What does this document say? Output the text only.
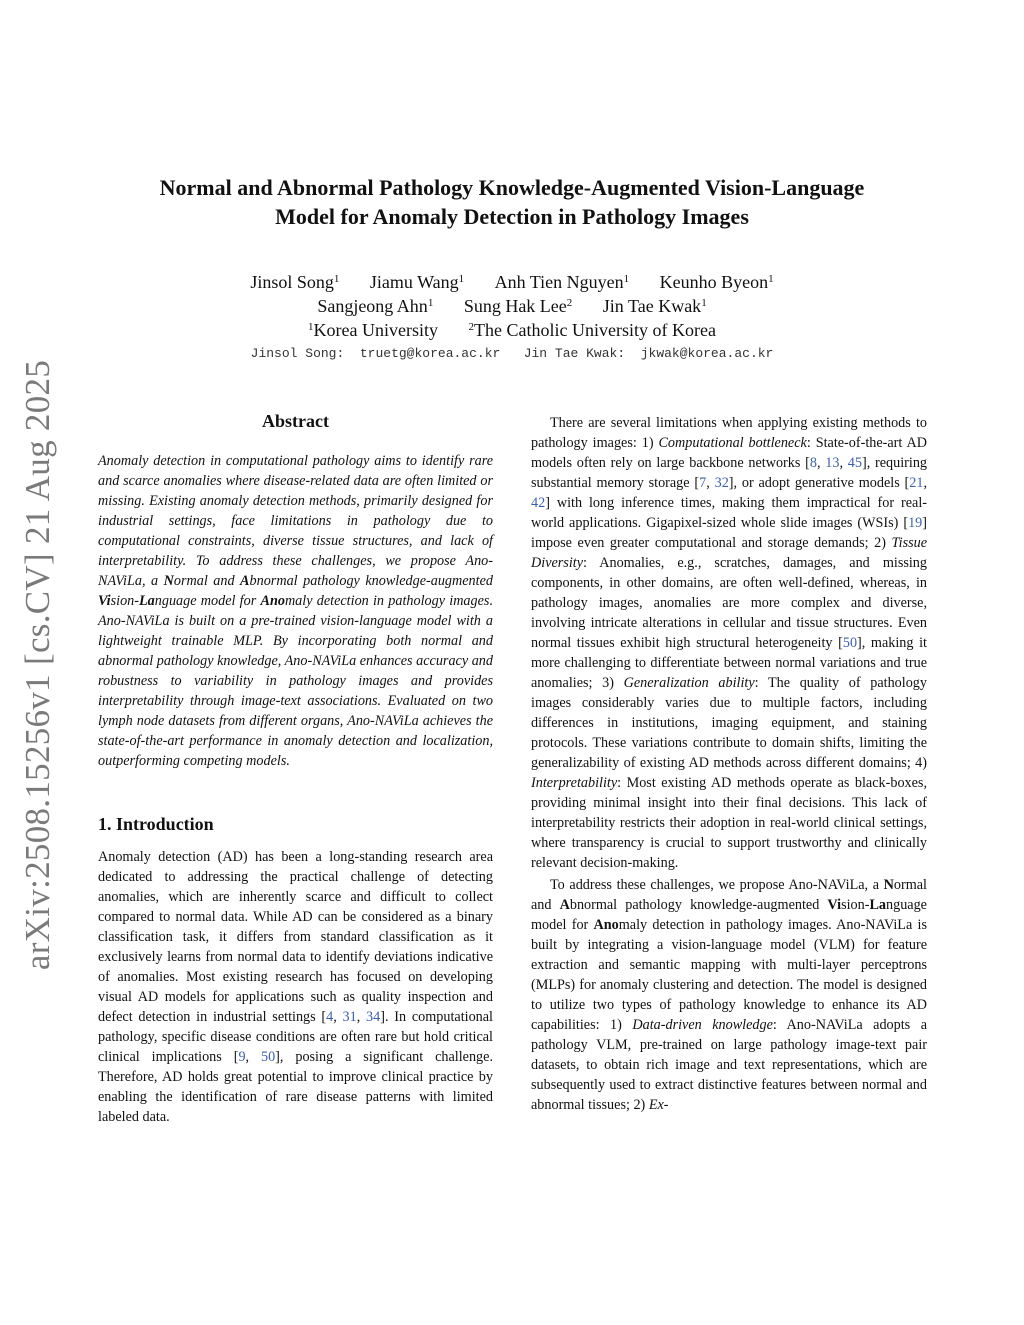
arXiv:2508.15256v1 [cs.CV] 21 Aug 2025
Normal and Abnormal Pathology Knowledge-Augmented Vision-Language
Model for Anomaly Detection in Pathology Images
Jinsol Song$^1$ Jiamu Wang$^1$ Anh Tien Nguyen$^1$ Keunho Byeon$^1$
Sangjeong Ahn$^1$ Sung Hak Lee$^2$ Jin Tae Kwak$^1$
$^1$Korea University	$^2$The Catholic University of Korea
Jinsol Song:  truetg@korea.ac.kr   Jin Tae Kwak:  jkwak@korea.ac.kr
Abstract

Anomaly detection in computational pathology aims to identify rare and scarce anomalies where disease-related data are often limited or missing. Existing anomaly detection methods, primarily designed for industrial settings, face limitations in pathology due to computational constraints, diverse tissue structures, and lack of interpretability. To address these challenges, we propose Ano-NAViLa, a Normal and Abnormal pathology knowledge-augmented Vision-Language model for Anomaly detection in pathology images. Ano-NAViLa is built on a pre-trained vision-language model with a lightweight trainable MLP. By incorporating both normal and abnormal pathology knowledge, Ano-NAViLa enhances accuracy and robustness to variability in pathology images and provides interpretability through image-text associations. Evaluated on two lymph node datasets from different organs, Ano-NAViLa achieves the state-of-the-art performance in anomaly detection and localization, outperforming competing models.

1. Introduction

Anomaly detection (AD) has been a long-standing research area dedicated to addressing the practical challenge of detecting anomalies, which are inherently scarce and difficult to collect compared to normal data. While AD can be considered as a binary classification task, it differs from standard classification as it exclusively learns from normal data to identify deviations indicative of anomalies. Most existing research has focused on developing visual AD models for applications such as quality inspection and defect detection in industrial settings [4, 31, 34]. In computational pathology, specific disease conditions are often rare but hold critical clinical implications [9, 50], posing a significant challenge. Therefore, AD holds great potential to improve clinical practice by enabling the identification of rare disease patterns with limited labeled data.

There are several limitations when applying existing methods to pathology images: 1) Computational bottleneck: State-of-the-art AD models often rely on large backbone networks [8, 13, 45], requiring substantial memory storage [7, 32], or adopt generative models [21, 42] with long inference times, making them impractical for real-world applications. Gigapixel-sized whole slide images (WSIs) [19] impose even greater computational and storage demands; 2) Tissue Diversity: Anomalies, e.g., scratches, damages, and missing components, in other domains, are often well-defined, whereas, in pathology images, anomalies are more complex and diverse, involving intricate alterations in cellular and tissue structures. Even normal tissues exhibit high structural heterogeneity [50], making it more challenging to differentiate between normal variations and true anomalies; 3) Generalization ability: The quality of pathology images considerably varies due to multiple factors, including differences in institutions, imaging equipment, and staining protocols. These variations contribute to domain shifts, limiting the generalizability of existing AD methods across different domains; 4) Interpretability: Most existing AD methods operate as black-boxes, providing minimal insight into their final decisions. This lack of interpretability restricts their adoption in real-world clinical settings, where transparency is crucial to support trustworthy and clinically relevant decision-making.

To address these challenges, we propose Ano-NAViLa, a Normal and Abnormal pathology knowledge-augmented Vision-Language model for Anomaly detection in pathology images. Ano-NAViLa is built by integrating a vision-language model (VLM) for feature extraction and semantic mapping with multi-layer perceptrons (MLPs) for anomaly clustering and detection. The model is designed to utilize two types of pathology knowledge to enhance its AD capabilities: 1) Data-driven knowledge: Ano-NAViLa adopts a pathology VLM, pre-trained on large pathology image-text pair datasets, to obtain rich image and text representations, which are subsequently used to extract distinctive features between normal and abnormal tissues; 2) Ex-
